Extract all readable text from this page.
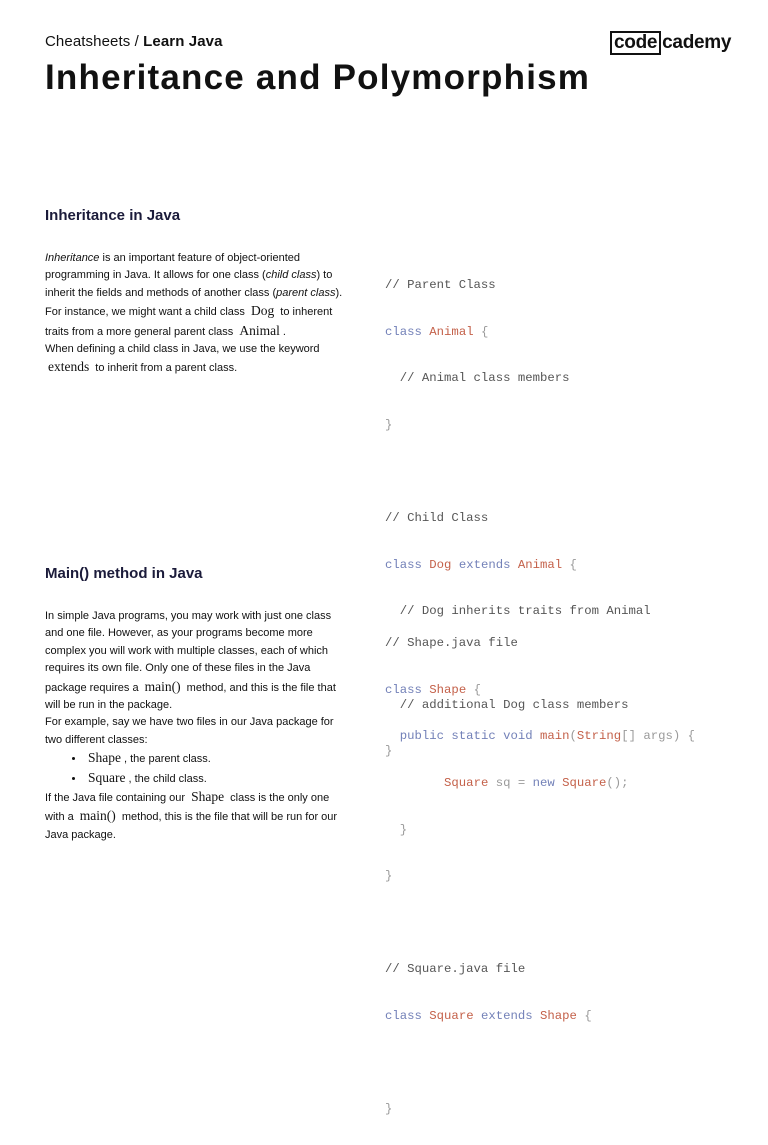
Cheatsheets / Learn Java	code cademy
Inheritance and Polymorphism
Inheritance in Java

Inheritance is an important feature of object-oriented programming in Java. It allows for one class (child class) to inherit the fields and methods of another class (parent class). For instance, we might want a child class Dog to inherent traits from a more general parent class Animal .

When defining a child class in Java, we use the keyword extends to inherit from a parent class.

// Parent Class

class Animal {

// Animal class members

}

// Child Class

class Dog extends Animal {

// Dog inherits traits from Animal

// additional Dog class members

}

Main() method in Java

In simple Java programs, you may work with just one class and one file. However, as your programs become more complex you will work with multiple classes, each of which requires its own file. Only one of these files in the Java package requires a main() method, and this is the file that will be run in the package.

For example, say we have two files in our Java package for two different classes:

• Shape , the parent class.
• Square , the child class.

If the Java file containing our Shape class is the only one with a main() method, this is the file that will be run for our Java package.

// Shape.java file

class Shape {

public static void main(String[] args) {

Square sq = new Square();

}

}

// Square.java file

class Square extends Shape {

}
